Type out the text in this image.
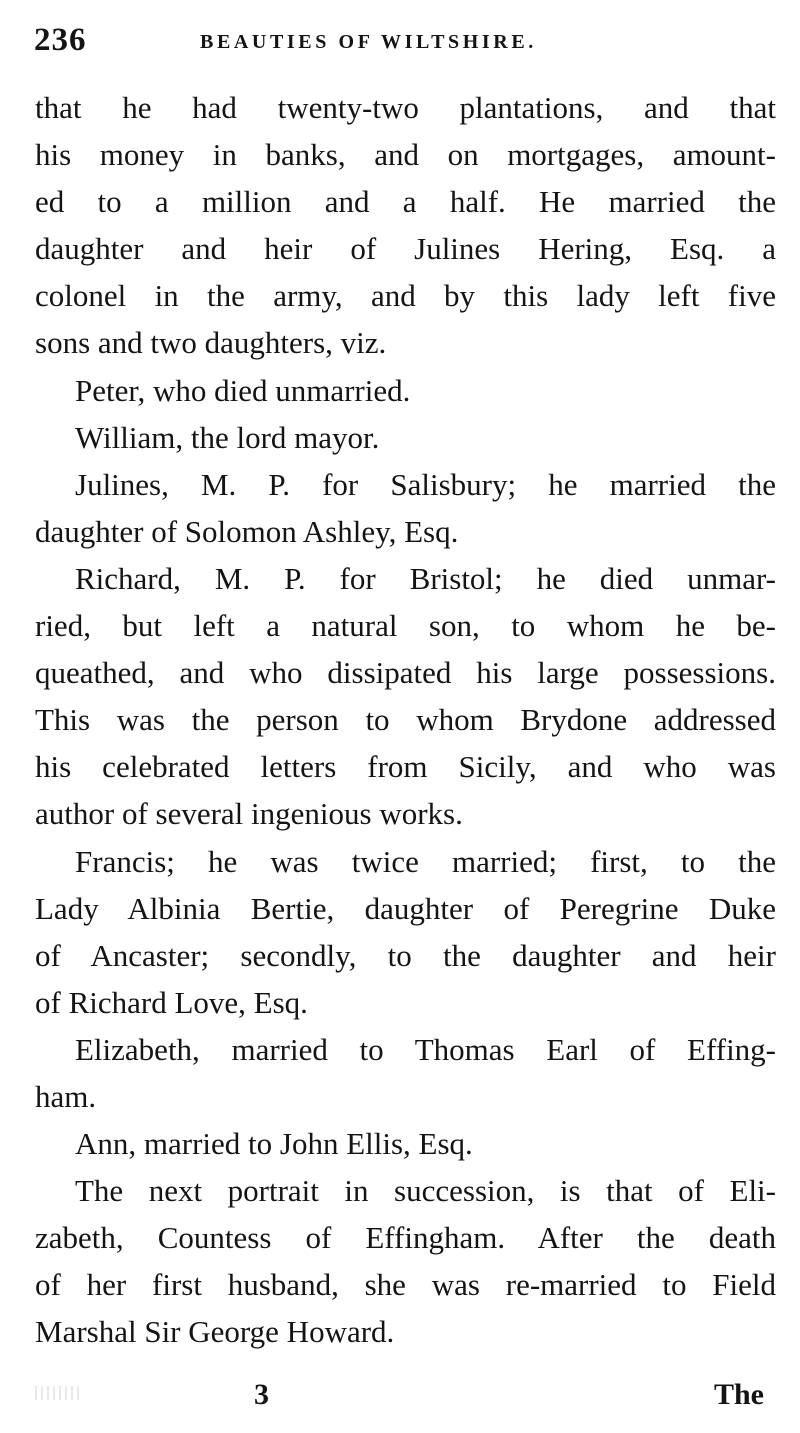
236	BEAUTIES OF WILTSHIRE.
that he had twenty-two plantations, and that
his money in banks, and on mortgages, amount-
ed to a million and a half. He married the
daughter and heir of Julines Hering, Esq. a
colonel in the army, and by this lady left five
sons and two daughters, viz.
Peter, who died unmarried.
William, the lord mayor.
Julines, M. P. for Salisbury; he married the
daughter of Solomon Ashley, Esq.
Richard, M. P. for Bristol; he died unmar-
ried, but left a natural son, to whom he be-
queathed, and who dissipated his large possessions.
This was the person to whom Brydone addressed
his celebrated letters from Sicily, and who was
author of several ingenious works.
Francis; he was twice married; first, to the
Lady Albinia Bertie, daughter of Peregrine Duke
of Ancaster; secondly, to the daughter and heir
of Richard Love, Esq.
Elizabeth, married to Thomas Earl of Effing-
ham.
Ann, married to John Ellis, Esq.
The next portrait in succession, is that of Eli-
zabeth, Countess of Effingham. After the death
of her first husband, she was re-married to Field
Marshal Sir George Howard.
3	The
